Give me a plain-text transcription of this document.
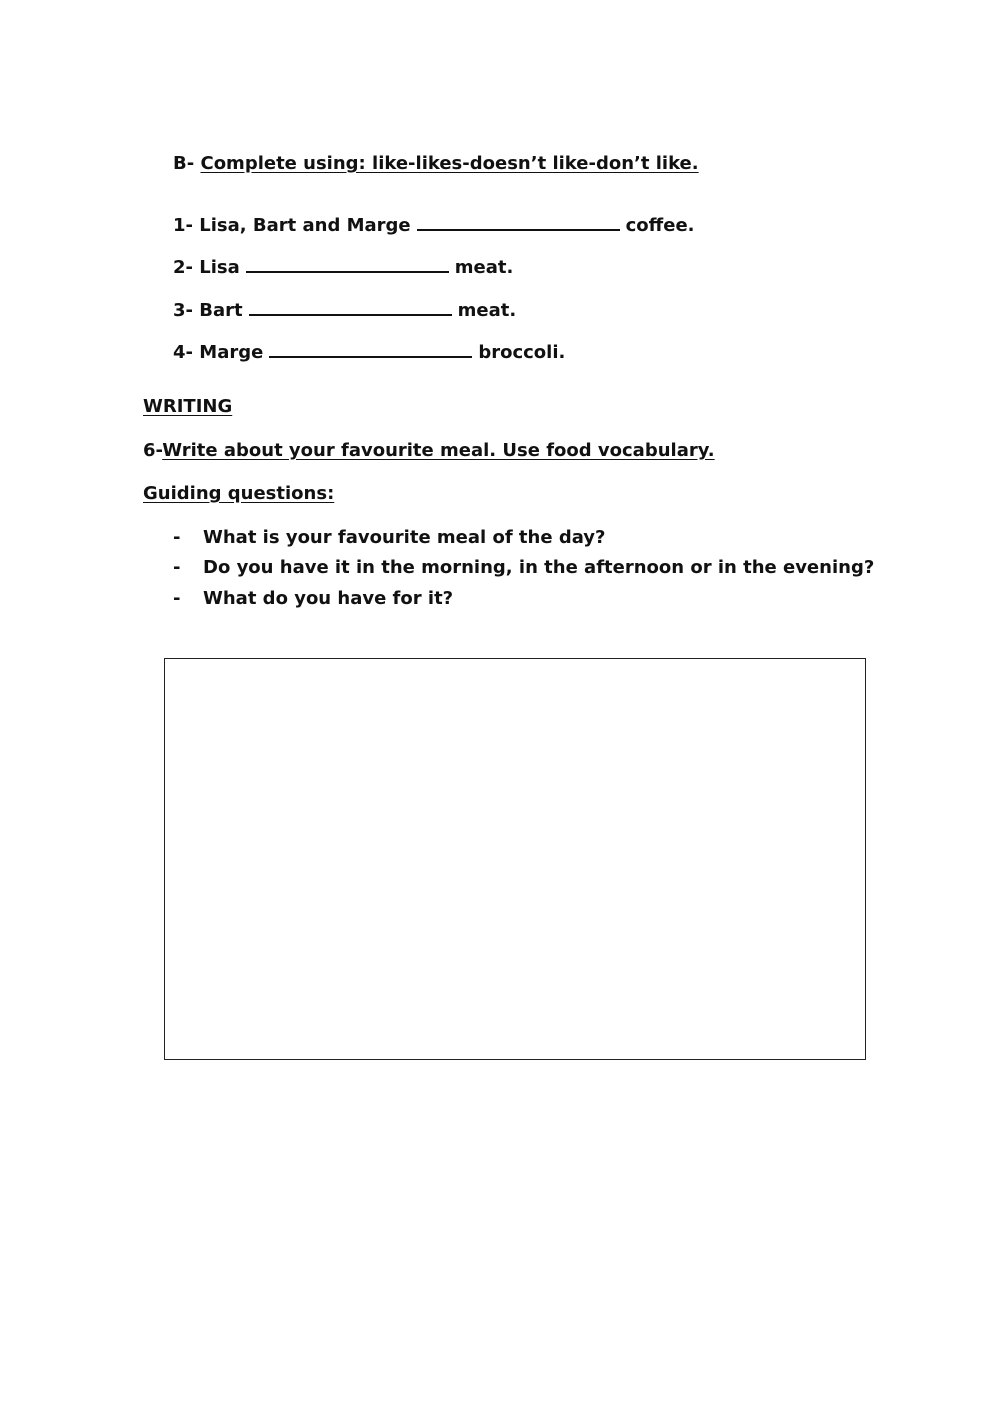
B- Complete using: like-likes-doesn’t like-don’t like.
1- Lisa, Bart and Marge	coffee.
2- Lisa	meat.
3- Bart	meat.
4- Marge	broccoli.
WRITING
6-Write about your favourite meal. Use food vocabulary.
Guiding questions:
- What is your favourite meal of the day?
- Do you have it in the morning, in the afternoon or in the evening?
- What do you have for it?
